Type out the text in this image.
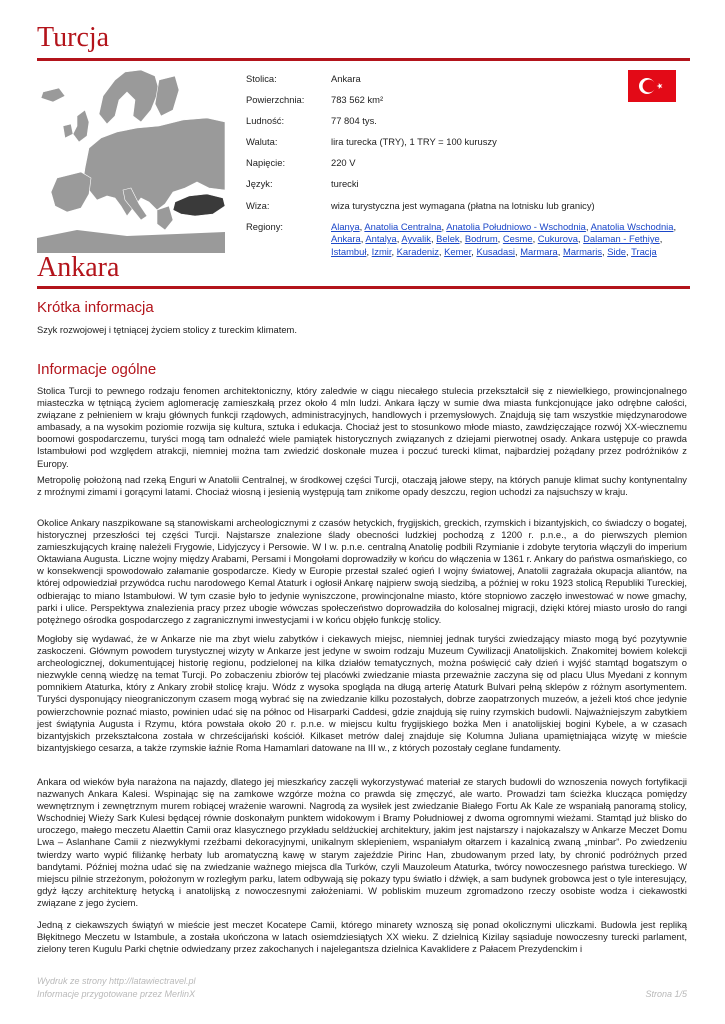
Turcja
Stolica:	Ankara
Powierzchnia:	783 562 km²
Ludność:	77 804 tys.
Waluta:	lira turecka (TRY), 1 TRY = 100 kuruszy
Napięcie:	220 V
Język:	turecki
Wiza:	wiza turystyczna jest wymagana (płatna na lotnisku lub granicy)
Regiony:	Alanya, Anatolia Centralna, Anatolia Południowo - Wschodnia, Anatolia Wschodnia, Ankara, Antalya, Ayvalik, Belek, Bodrum, Cesme, Cukurova, Dalaman - Fethiye, Istambuł, Izmir, Karadeniz, Kemer, Kusadasi, Marmara, Marmaris, Side, Tracja
Ankara
Krótka informacja

Szyk rozwojowej i tętniącej życiem stolicy z tureckim klimatem.

Informacje ogólne

Stolica Turcji to pewnego rodzaju fenomen architektoniczny, który zaledwie w ciągu niecałego stulecia przekształcił się z niewielkiego, prowincjonalnego miasteczka w tętniącą życiem aglomerację zamieszkałą przez około 4 mln ludzi. Ankara łączy w sumie dwa miasta funkcjonujące jako odrębne całości, związane z pełnieniem w kraju głównych funkcji rządowych, administracyjnych, handlowych i przemysłowych. Znajdują się tam wszystkie międzynarodowe ambasady, a na wysokim poziomie rozwija się kultura, sztuka i edukacja. Chociaż jest to stosunkowo młode miasto, zawdzięczające rozwój XX-wiecznemu boomowi gospodarczemu, turyści mogą tam odnaleźć wiele pamiątek historycznych związanych z dziejami pierwotnej osady. Ankara ustępuje co prawda Istambułowi pod względem atrakcji, niemniej można tam zwiedzić doskonałe muzea i poczuć turecki klimat, najbardziej pożądany przez podróżników z Europy.

Metropolię położoną nad rzeką Enguri w Anatolii Centralnej, w środkowej części Turcji, otaczają jałowe stepy, na których panuje klimat suchy kontynentalny z mroźnymi zimami i gorącymi latami. Chociaż wiosną i jesienią występują tam znikome opady deszczu, region uchodzi za najsuchszy w kraju.

Okolice Ankary naszpikowane są stanowiskami archeologicznymi z czasów hetyckich, frygijskich, greckich, rzymskich i bizantyjskich, co świadczy o bogatej, historycznej przeszłości tej części Turcji. Najstarsze znalezione ślady obecności ludzkiej pochodzą z 1200 r. p.n.e., a do pierwszych plemion zamieszkujących krainę należeli Frygowie, Lidyjczycy i Persowie. W I w. p.n.e. centralną Anatolię podbili Rzymianie i zdobyte terytoria włączyli do imperium Oktawiana Augusta. Liczne wojny między Arabami, Persami i Mongołami doprowadziły w końcu do włączenia w 1361 r. Ankary do państwa osmańskiego, co w konsekwencji spowodowało załamanie gospodarcze. Kiedy w Europie przestał szaleć ogień I wojny światowej, Anatolii zagrażała okupacja aliantów, na której odpowiedział przywódca ruchu narodowego Kemal Ataturk i ogłosił Ankarę najpierw swoją siedzibą, a później w roku 1923 stolicą Republiki Tureckiej, odbierając to miano Istambułowi. W tym czasie było to jedynie wyniszczone, prowincjonalne miasto, które stopniowo zaczęło inwestować w nowe gmachy, parki i ulice. Perspektywa znalezienia pracy przez ubogie wówczas społeczeństwo doprowadziła do kolosalnej migracji, dzięki której miasto urosło do rangi potężnego ośrodka gospodarczego z zagranicznymi inwestycjami i w końcu objęło funkcję stolicy.

Mogłoby się wydawać, że w Ankarze nie ma zbyt wielu zabytków i ciekawych miejsc, niemniej jednak turyści zwiedzający miasto mogą być pozytywnie zaskoczeni. Głównym powodem turystycznej wizyty w Ankarze jest jedyne w swoim rodzaju Muzeum Cywilizacji Anatolijskich. Znakomitej bowiem kolekcji archeologicznej, dokumentującej historię regionu, podzielonej na kilka działów tematycznych, można poświęcić cały dzień i wyjść stamtąd bogatszym o niezwykle cenną wiedzę na temat Turcji. Po zobaczeniu zbiorów tej placówki zwiedzanie miasta przeważnie zaczyna się od placu Ulus Myedani z konnym pomnikiem Ataturka, który z Ankary zrobił stolicę kraju. Wódz z wysoka spogląda na długą arterię Ataturk Bulvari pełną sklepów z różnym asortymentem. Turyści dysponujący nieograniczonym czasem mogą wybrać się na zwiedzanie kilku pozostałych, dobrze zaopatrzonych muzeów, a jeżeli ktoś chce jedynie powierzchownie poznać miasto, powinien udać się na północ od Hisarparki Caddesi, gdzie znajdują się ruiny rzymskich budowli. Najważniejszym zabytkiem jest świątynia Augusta i Rzymu, która powstała około 20 r. p.n.e. w miejscu kultu frygijskiego bożka Men i anatolijskiej bogini Kybele, a w czasach bizantyjskich przekształcona została w chrześcijański kościół. Kilkaset metrów dalej znajduje się Kolumna Juliana upamiętniająca wizytę w mieście bizantyjskiego cesarza, a także rzymskie łaźnie Roma Hamamlari datowane na III w., z których pozostały ceglane fundamenty.

Ankara od wieków była narażona na najazdy, dlatego jej mieszkańcy zaczęli wykorzystywać materiał ze starych budowli do wznoszenia nowych fortyfikacji nazwanych Ankara Kalesi. Wspinając się na zamkowe wzgórze można co prawda się zmęczyć, ale warto. Prowadzi tam ścieżka klucząca pomiędzy wewnętrznym i zewnętrznym murem robiącej wrażenie warowni. Nagrodą za wysiłek jest zwiedzanie Białego Fortu Ak Kale ze wspaniałą panoramą stolicy, Wschodniej Wieży Sark Kulesi będącej równie doskonałym punktem widokowym i Bramy Południowej z dwoma ogromnymi wieżami. Stamtąd już blisko do uroczego, małego meczetu Alaettin Camii oraz klasycznego przykładu seldżuckiej architektury, jakim jest najstarszy i najokazalszy w Ankarze Meczet Domu Lwa – Aslanhane Camii z niezwykłymi rzeźbami dekoracyjnymi, unikalnym sklepieniem, wspaniałym ołtarzem i kazalnicą zwaną „minbar”. Po zwiedzeniu twierdzy warto wypić filiżankę herbaty lub aromatyczną kawę w starym zajeździe Pirinc Han, zbudowanym przed laty, by chronić podróżnych przed bandytami. Później można udać się na zwiedzanie ważnego miejsca dla Turków, czyli Mauzoleum Ataturka, twórcy nowoczesnego państwa tureckiego. W miejscu pilnie strzeżonym, położonym w rozległym parku, latem odbywają się pokazy typu światło i dźwięk, a sam budynek grobowca jest o tyle interesujący, gdyż łączy architekturę hetycką i anatolijską z nowoczesnymi założeniami. W pobliskim muzeum zgromadzono rzeczy osobiste wodza i ciekawostki związane z jego życiem.

Jedną z ciekawszych świątyń w mieście jest meczet Kocatepe Camii, którego minarety wznoszą się ponad okolicznymi uliczkami. Budowla jest repliką Błękitnego Meczetu w Istambule, a została ukończona w latach osiemdziesiątych XX wieku. Z dzielnicą Kizilay sąsiaduje nowoczesny turecki parlament, zielony teren Kugulu Parki chętnie odwiedzany przez zakochanych i najelegantsza dzielnica Kavaklidere z Pałacem Prezydenckim i

Wydruk ze strony http://latawiectravel.pl
Informacje przygotowane przez MerlinX	Strona 1/5
